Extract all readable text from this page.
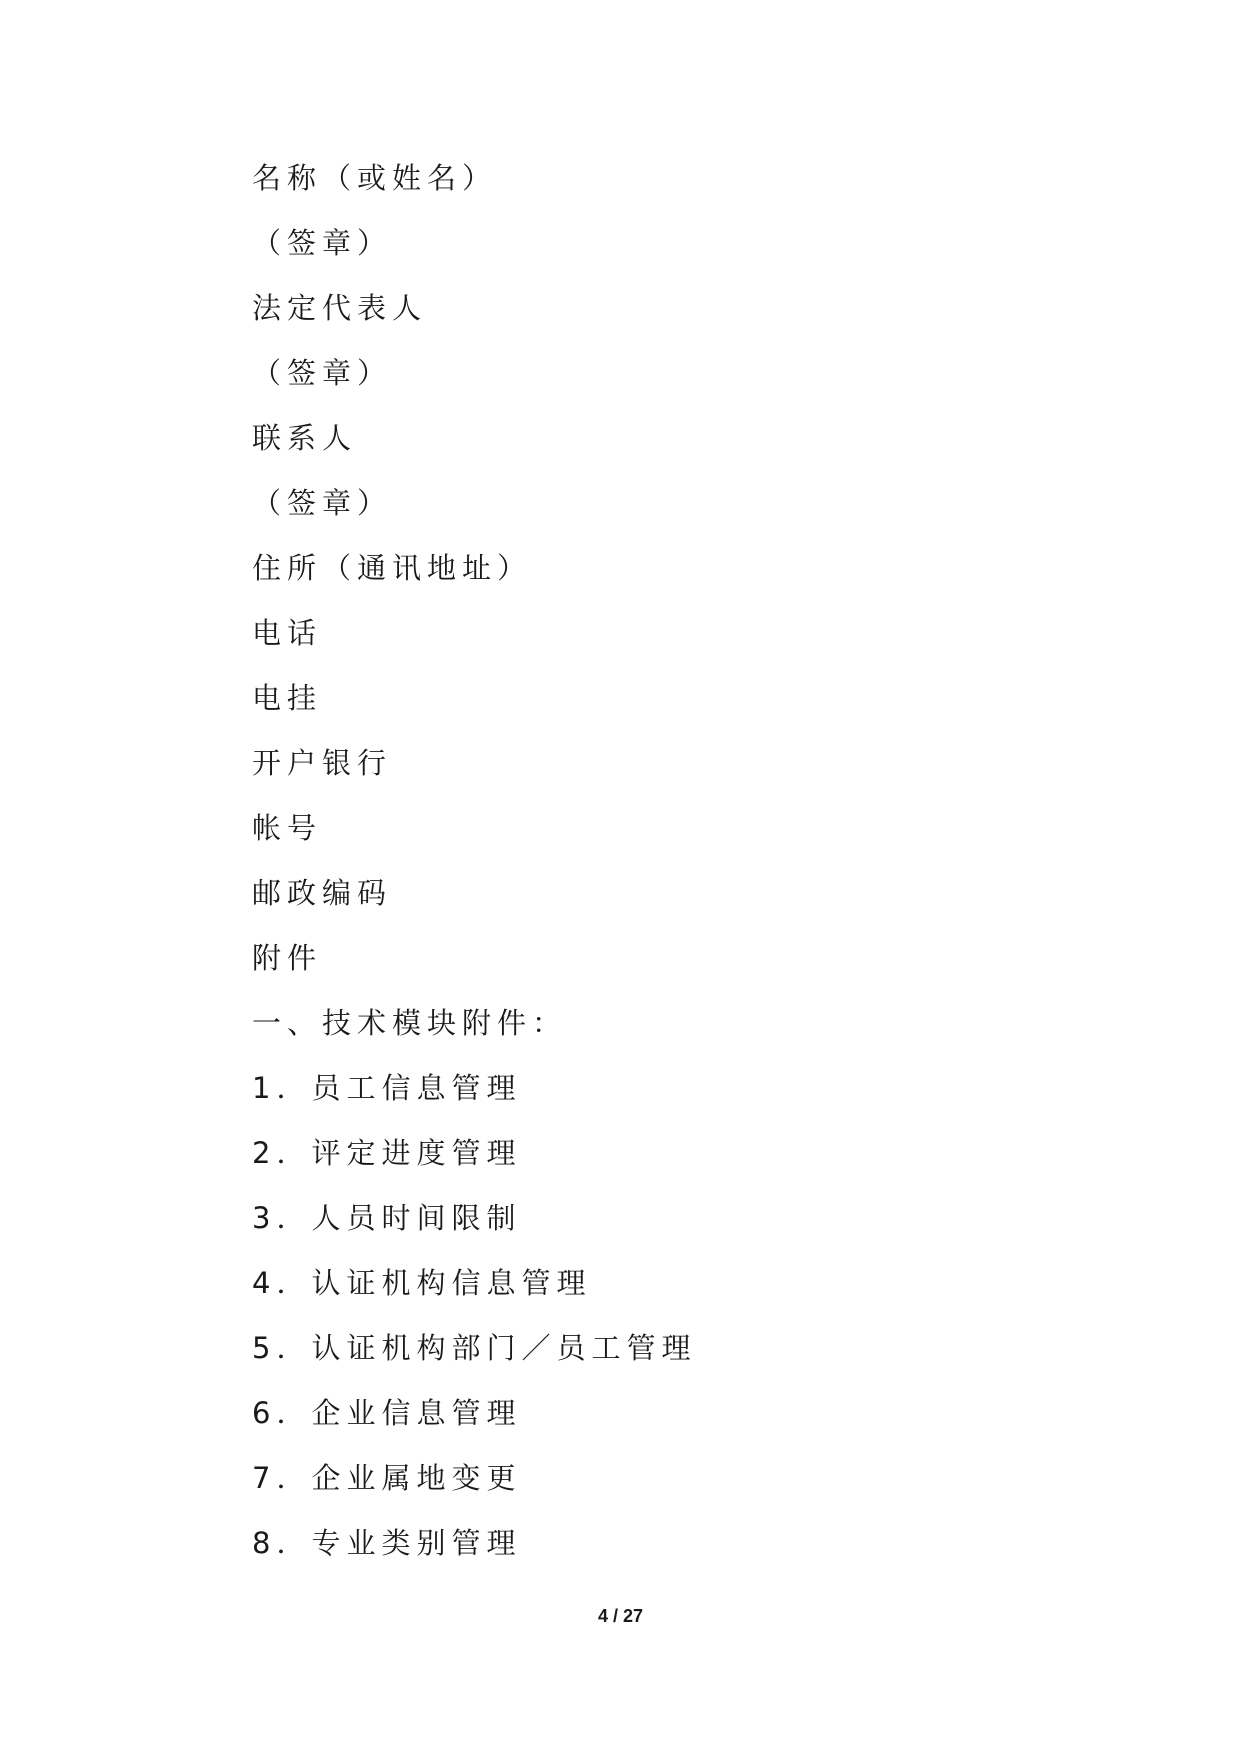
名称（或姓名）
（签章）
法定代表人
（签章）
联系人
（签章）
住所（通讯地址）
电话
电挂
开户银行
帐号
邮政编码
附件
一、技术模块附件：
1．员工信息管理
2．评定进度管理
3．人员时间限制
4．认证机构信息管理
5．认证机构部门／员工管理
6．企业信息管理
7．企业属地变更
8．专业类别管理
4 / 27
